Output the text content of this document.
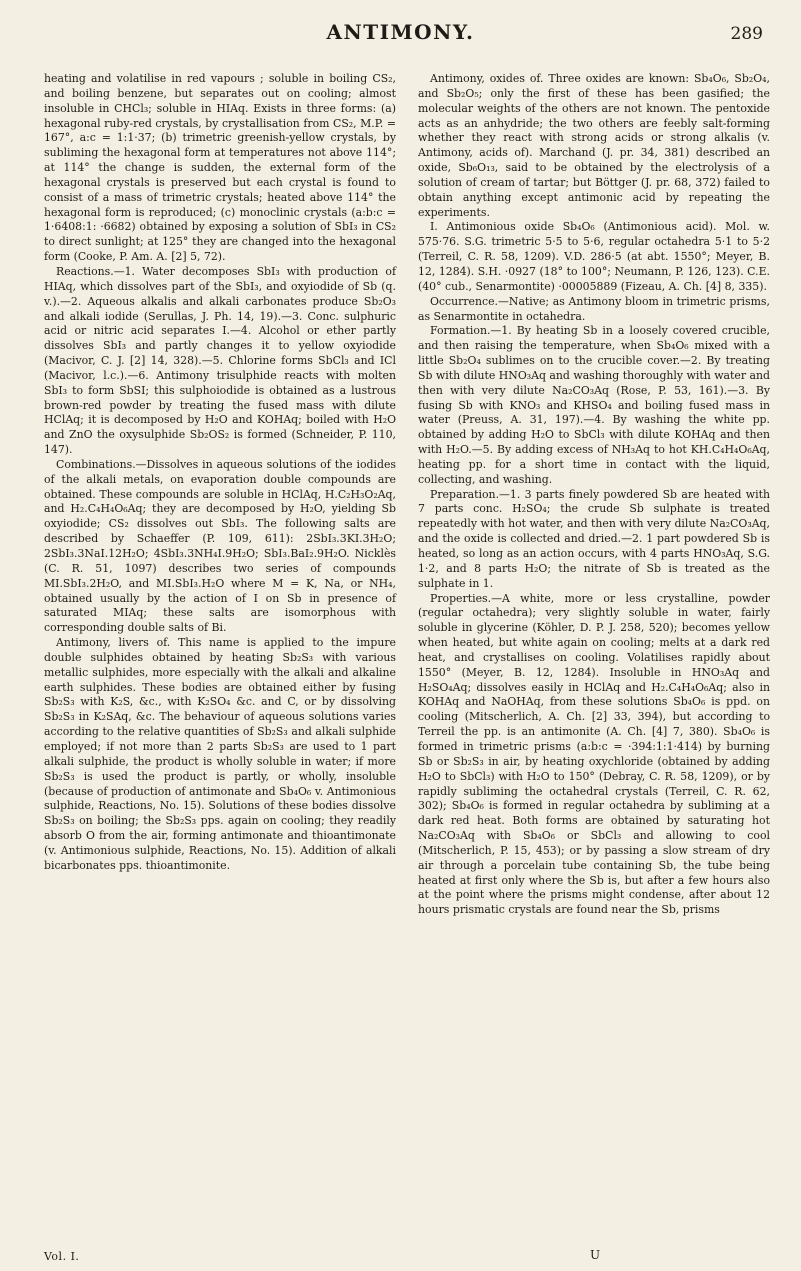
ANTIMONY.	289

heating and volatilise in red vapours ; soluble in boiling CS₂, and boiling benzene, but separates out on cooling; almost insoluble in CHCl₃; soluble in HIAq. Exists in three forms: (a) hexagonal ruby-red crystals, by crystallisation from CS₂, M.P. = 167°, a:c = 1:1·37; (b) trimetric greenish-yellow crystals, by subliming the hexagonal form at temperatures not above 114°; at 114° the change is sudden, the external form of the hexagonal crystals is preserved but each crystal is found to consist of a mass of trimetric crystals; heated above 114° the hexagonal form is reproduced; (c) monoclinic crystals (a:b:c = 1·6408:1: ·6682) obtained by exposing a solution of SbI₃ in CS₂ to direct sunlight; at 125° they are changed into the hexagonal form (Cooke, P. Am. A. [2] 5, 72).

Reactions.—1. Water decomposes SbI₃ with production of HIAq, which dissolves part of the SbI₃, and oxyiodide of Sb (q. v.).—2. Aqueous alkalis and alkali carbonates produce Sb₂O₃ and alkali iodide (Serullas, J. Ph. 14, 19).—3. Conc. sulphuric acid or nitric acid separates I.—4. Alcohol or ether partly dissolves SbI₃ and partly changes it to yellow oxyiodide (Macivor, C. J. [2] 14, 328).—5. Chlorine forms SbCl₃ and ICl (Macivor, l.c.).—6. Antimony trisulphide reacts with molten SbI₃ to form SbSI; this sulphoiodide is obtained as a lustrous brown-red powder by treating the fused mass with dilute HClAq; it is decomposed by H₂O and KOHAq; boiled with H₂O and ZnO the oxysulphide Sb₂OS₂ is formed (Schneider, P. 110, 147).

Combinations.—Dissolves in aqueous solutions of the iodides of the alkali metals, on evaporation double compounds are obtained. These compounds are soluble in HClAq, H.C₂H₃O₂Aq, and H₂.C₄H₄O₆Aq; they are decomposed by H₂O, yielding Sb oxyiodide; CS₂ dissolves out SbI₃. The following salts are described by Schaeffer (P. 109, 611): 2SbI₃.3KI.3H₂O; 2SbI₃.3NaI.12H₂O; 4SbI₃.3NH₄I.9H₂O; SbI₃.BaI₂.9H₂O. Nicklès (C. R. 51, 1097) describes two series of compounds MI.SbI₃.2H₂O, and MI.SbI₃.H₂O where M = K, Na, or NH₄, obtained usually by the action of I on Sb in presence of saturated MIAq; these salts are isomorphous with corresponding double salts of Bi.

Antimony, livers of. This name is applied to the impure double sulphides obtained by heating Sb₂S₃ with various metallic sulphides, more especially with the alkali and alkaline earth sulphides. These bodies are obtained either by fusing Sb₂S₃ with K₂S, &c., with K₂SO₄ &c. and C, or by dissolving Sb₂S₃ in K₂SAq, &c. The behaviour of aqueous solutions varies according to the relative quantities of Sb₂S₃ and alkali sulphide employed; if not more than 2 parts Sb₂S₃ are used to 1 part alkali sulphide, the product is wholly soluble in water; if more Sb₂S₃ is used the product is partly, or wholly, insoluble (because of production of antimonate and Sb₄O₆ v. Antimonious sulphide, Reactions, No. 15). Solutions of these bodies dissolve Sb₂S₃ on boiling; the Sb₂S₃ pps. again on cooling; they readily absorb O from the air, forming antimonate and thioantimonate (v. Antimonious sulphide, Reactions, No. 15). Addition of alkali bicarbonates pps. thioantimonite.

Antimony, oxides of. Three oxides are known: Sb₄O₆, Sb₂O₄, and Sb₂O₅; only the first of these has been gasified; the molecular weights of the others are not known. The pentoxide acts as an anhydride; the two others are feebly salt-forming whether they react with strong acids or strong alkalis (v. Antimony, acids of). Marchand (J. pr. 34, 381) described an oxide, Sb₆O₁₃, said to be obtained by the electrolysis of a solution of cream of tartar; but Böttger (J. pr. 68, 372) failed to obtain anything except antimonic acid by repeating the experiments.

I. Antimonious oxide Sb₄O₆ (Antimonious acid). Mol. w. 575·76. S.G. trimetric 5·5 to 5·6, regular octahedra 5·1 to 5·2 (Terreil, C. R. 58, 1209). V.D. 286·5 (at abt. 1550°; Meyer, B. 12, 1284). S.H. ·0927 (18° to 100°; Neumann, P. 126, 123). C.E. (40° cub., Senarmontite) ·00005889 (Fizeau, A. Ch. [4] 8, 335).

Occurrence.—Native; as Antimony bloom in trimetric prisms, as Senarmontite in octahedra.

Formation.—1. By heating Sb in a loosely covered crucible, and then raising the temperature, when Sb₄O₆ mixed with a little Sb₂O₄ sublimes on to the crucible cover.—2. By treating Sb with dilute HNO₃Aq and washing thoroughly with water and then with very dilute Na₂CO₃Aq (Rose, P. 53, 161).—3. By fusing Sb with KNO₃ and KHSO₄ and boiling fused mass in water (Preuss, A. 31, 197).—4. By washing the white pp. obtained by adding H₂O to SbCl₃ with dilute KOHAq and then with H₂O.—5. By adding excess of NH₃Aq to hot KH.C₄H₄O₆Aq, heating pp. for a short time in contact with the liquid, collecting, and washing.

Preparation.—1. 3 parts finely powdered Sb are heated with 7 parts conc. H₂SO₄; the crude Sb sulphate is treated repeatedly with hot water, and then with very dilute Na₂CO₃Aq, and the oxide is collected and dried.—2. 1 part powdered Sb is heated, so long as an action occurs, with 4 parts HNO₃Aq, S.G. 1·2, and 8 parts H₂O; the nitrate of Sb is treated as the sulphate in 1.

Properties.—A white, more or less crystalline, powder (regular octahedra); very slightly soluble in water, fairly soluble in glycerine (Köhler, D. P. J. 258, 520); becomes yellow when heated, but white again on cooling; melts at a dark red heat, and crystallises on cooling. Volatilises rapidly about 1550° (Meyer, B. 12, 1284). Insoluble in HNO₃Aq and H₂SO₄Aq; dissolves easily in HClAq and H₂.C₄H₄O₆Aq; also in KOHAq and NaOHAq, from these solutions Sb₄O₆ is ppd. on cooling (Mitscherlich, A. Ch. [2] 33, 394), but according to Terreil the pp. is an antimonite (A. Ch. [4] 7, 380). Sb₄O₆ is formed in trimetric prisms (a:b:c = ·394:1:1·414) by burning Sb or Sb₂S₃ in air, by heating oxychloride (obtained by adding H₂O to SbCl₃) with H₂O to 150° (Debray, C. R. 58, 1209), or by rapidly subliming the octahedral crystals (Terreil, C. R. 62, 302); Sb₄O₆ is formed in regular octahedra by subliming at a dark red heat. Both forms are obtained by saturating hot Na₂CO₃Aq with Sb₄O₆ or SbCl₃ and allowing to cool (Mitscherlich, P. 15, 453); or by passing a slow stream of dry air through a porcelain tube containing Sb, the tube being heated at first only where the Sb is, but after a few hours also at the point where the prisms might condense, after about 12 hours prismatic crystals are found near the Sb, prisms

Vol. I.	U
